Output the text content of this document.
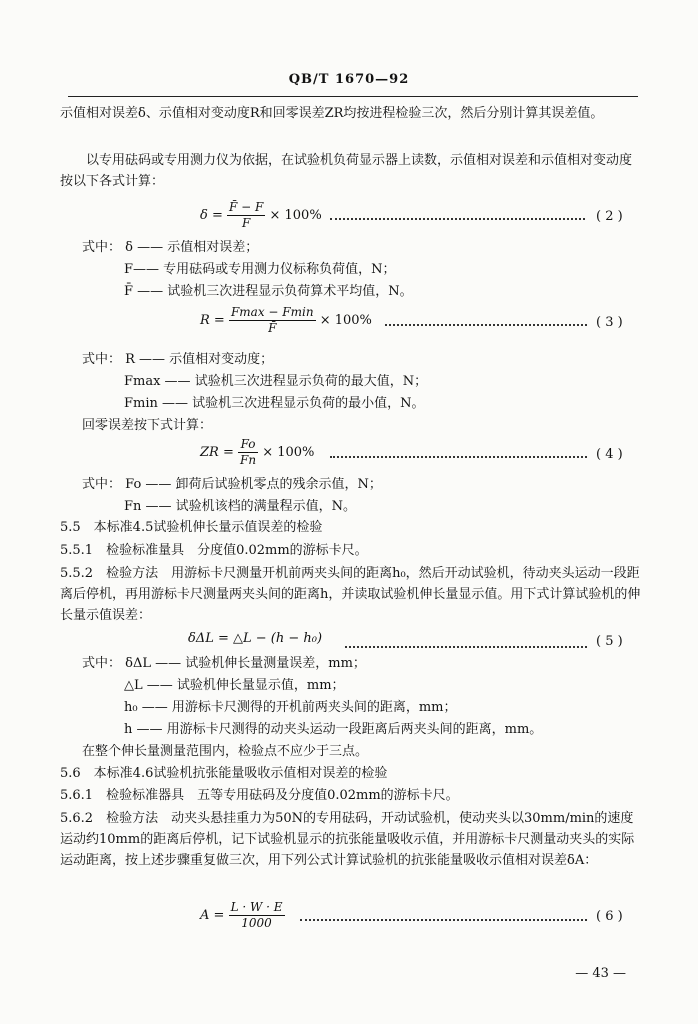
QB/T 1670—92
示值相对误差δ、示值相对变动度R和回零误差ZR均按进程检验三次，然后分别计算其误差值。
以专用砝码或专用测力仪为依据，在试验机负荷显示器上读数，示值相对误差和示值相对变动度按以下各式计算：
$\delta = \frac{F̄ - F}{F} \times 100\%$	( 2 )
式中： δ —— 示值相对误差；
F—— 专用砝码或专用测力仪标称负荷值，N；
F̄ —— 试验机三次进程显示负荷算术平均值，N。
$R = \frac{Fmax - Fmin}{F̄} \times 100\%$	( 3 )
式中： R —— 示值相对变动度；
Fmax —— 试验机三次进程显示负荷的最大值，N；
Fmin —— 试验机三次进程显示负荷的最小值，N。
回零误差按下式计算：
ZR = $\frac{Fo}{Fn} \times 100\%$	( 4 )
式中： Fo —— 卸荷后试验机零点的残余示值，N；
Fn —— 试验机该档的满量程示值，N。
5.5　本标准4.5试验机伸长量示值误差的检验
5.5.1　检验标准量具　分度值0.02mm的游标卡尺。
5.5.2　检验方法　用游标卡尺测量开机前两夹头间的距离h₀，然后开动试验机，待动夹头运动一段距离后停机，再用游标卡尺测量两夹头间的距离h，并读取试验机伸长量显示值。用下式计算试验机的伸长量示值误差：
δΔL = △L − (h − h₀)	( 5 )
式中： δΔL —— 试验机伸长量测量误差，mm；
△L —— 试验机伸长量显示值，mm；
h₀ —— 用游标卡尺测得的开机前两夹头间的距离，mm；
h —— 用游标卡尺测得的动夹头运动一段距离后两夹头间的距离，mm。
在整个伸长量测量范围内，检验点不应少于三点。
5.6　本标准4.6试验机抗张能量吸收示值相对误差的检验
5.6.1　检验标准器具　五等专用砝码及分度值0.02mm的游标卡尺。
5.6.2　检验方法　动夹头悬挂重力为50N的专用砝码，开动试验机，使动夹头以30mm/min的速度运动约10mm的距离后停机，记下试验机显示的抗张能量吸收示值，并用游标卡尺测量动夹头的实际运动距离，按上述步骤重复做三次，用下列公式计算试验机的抗张能量吸收示值相对误差δA：
$A = \frac{L \cdot W \cdot E}{1000}$	( 6 )
— 43 —
